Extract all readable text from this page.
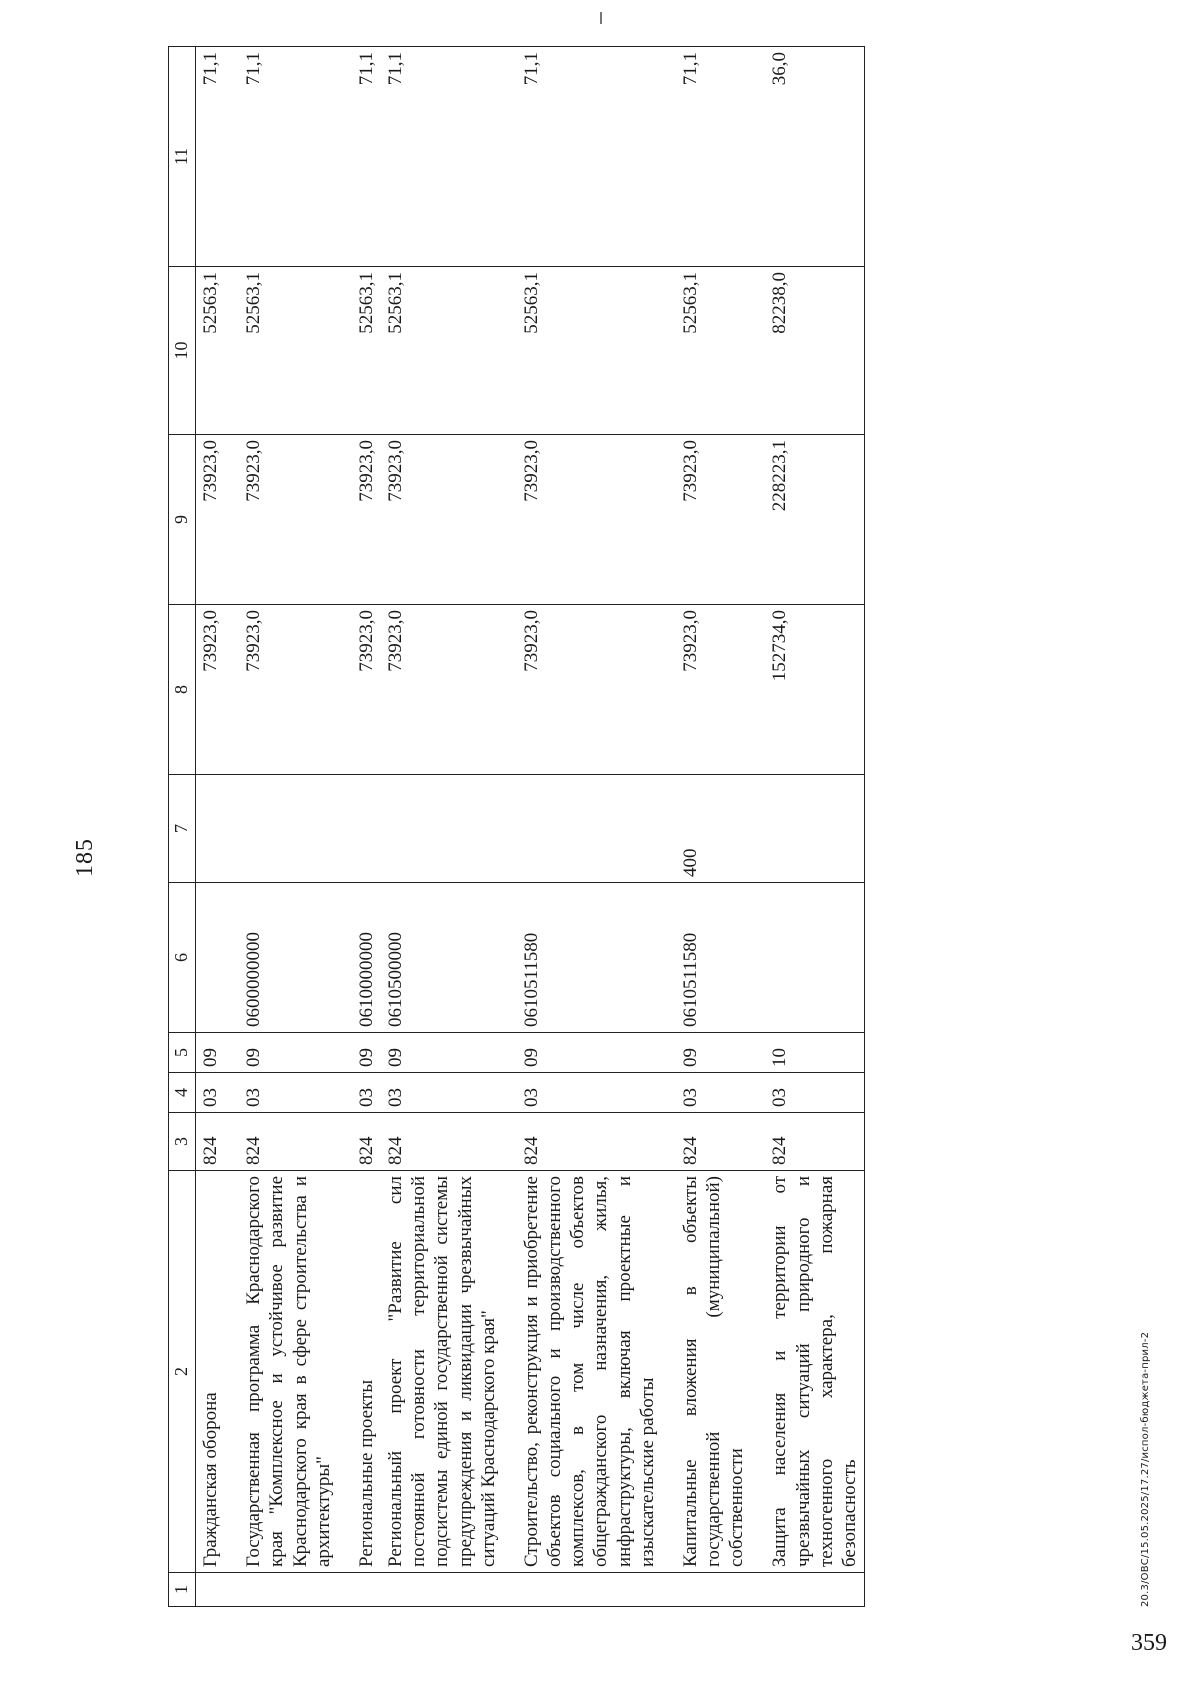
185
1	2	3	4	5	6	7	8	9	10	11
	Гражданская оборона	824	03	09			73923,0	73923,0	52563,1	71,1

	Государственная программа Краснодарского края "Комплексное и устойчивое развитие Краснодарского края в сфере строительства и архитектуры"	824	03	09	0600000000		73923,0	73923,0	52563,1	71,1

	Региональные проекты	824	03	09	0610000000		73923,0	73923,0	52563,1	71,1
	Региональный проект "Развитие сил постоянной готовности территориальной подсистемы единой государственной системы предупреждения и ликвидации чрезвычайных ситуаций Краснодарского края"	824	03	09	0610500000		73923,0	73923,0	52563,1	71,1

	Строительство, реконструкция и приобретение объектов социального и производственного комплексов, в том числе объектов общегражданского назначения, жилья, инфраструктуры, включая проектные и изыскательские работы	824	03	09	0610511580		73923,0	73923,0	52563,1	71,1

	Капитальные вложения в объекты государственной (муниципальной) собственности	824	03	09	0610511580	400	73923,0	73923,0	52563,1	71,1

	Защита населения и территории от чрезвычайных ситуаций природного и техногенного характера, пожарная безопасность	824	03	10			152734,0	228223,1	82238,0	36,0
20.3/ОВС/15.05.2025/17.27/испол-бюджета-прил-2
359
